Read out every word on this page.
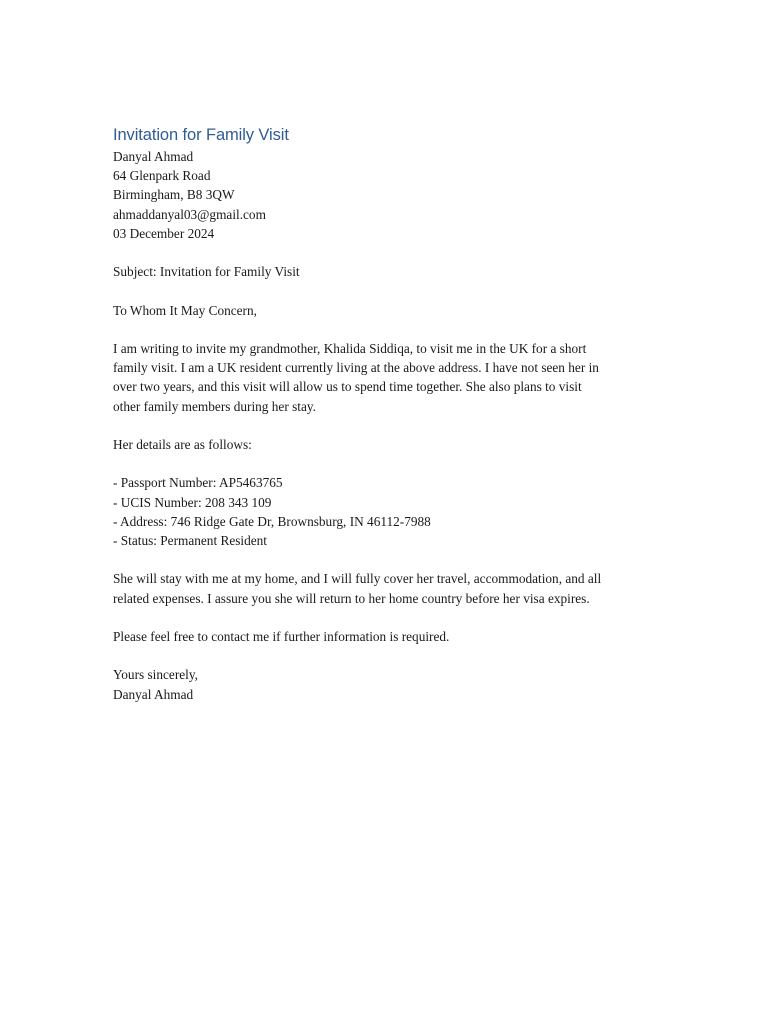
Invitation for Family Visit
Danyal Ahmad
64 Glenpark Road
Birmingham, B8 3QW
ahmaddanyal03@gmail.com
03 December 2024
Subject: Invitation for Family Visit
To Whom It May Concern,
I am writing to invite my grandmother, Khalida Siddiqa, to visit me in the UK for a short
family visit. I am a UK resident currently living at the above address. I have not seen her in
over two years, and this visit will allow us to spend time together. She also plans to visit
other family members during her stay.
Her details are as follows:
- Passport Number: AP5463765
- UCIS Number: 208 343 109
- Address: 746 Ridge Gate Dr, Brownsburg, IN 46112-7988
- Status: Permanent Resident
She will stay with me at my home, and I will fully cover her travel, accommodation, and all
related expenses. I assure you she will return to her home country before her visa expires.
Please feel free to contact me if further information is required.
Yours sincerely,
Danyal Ahmad
